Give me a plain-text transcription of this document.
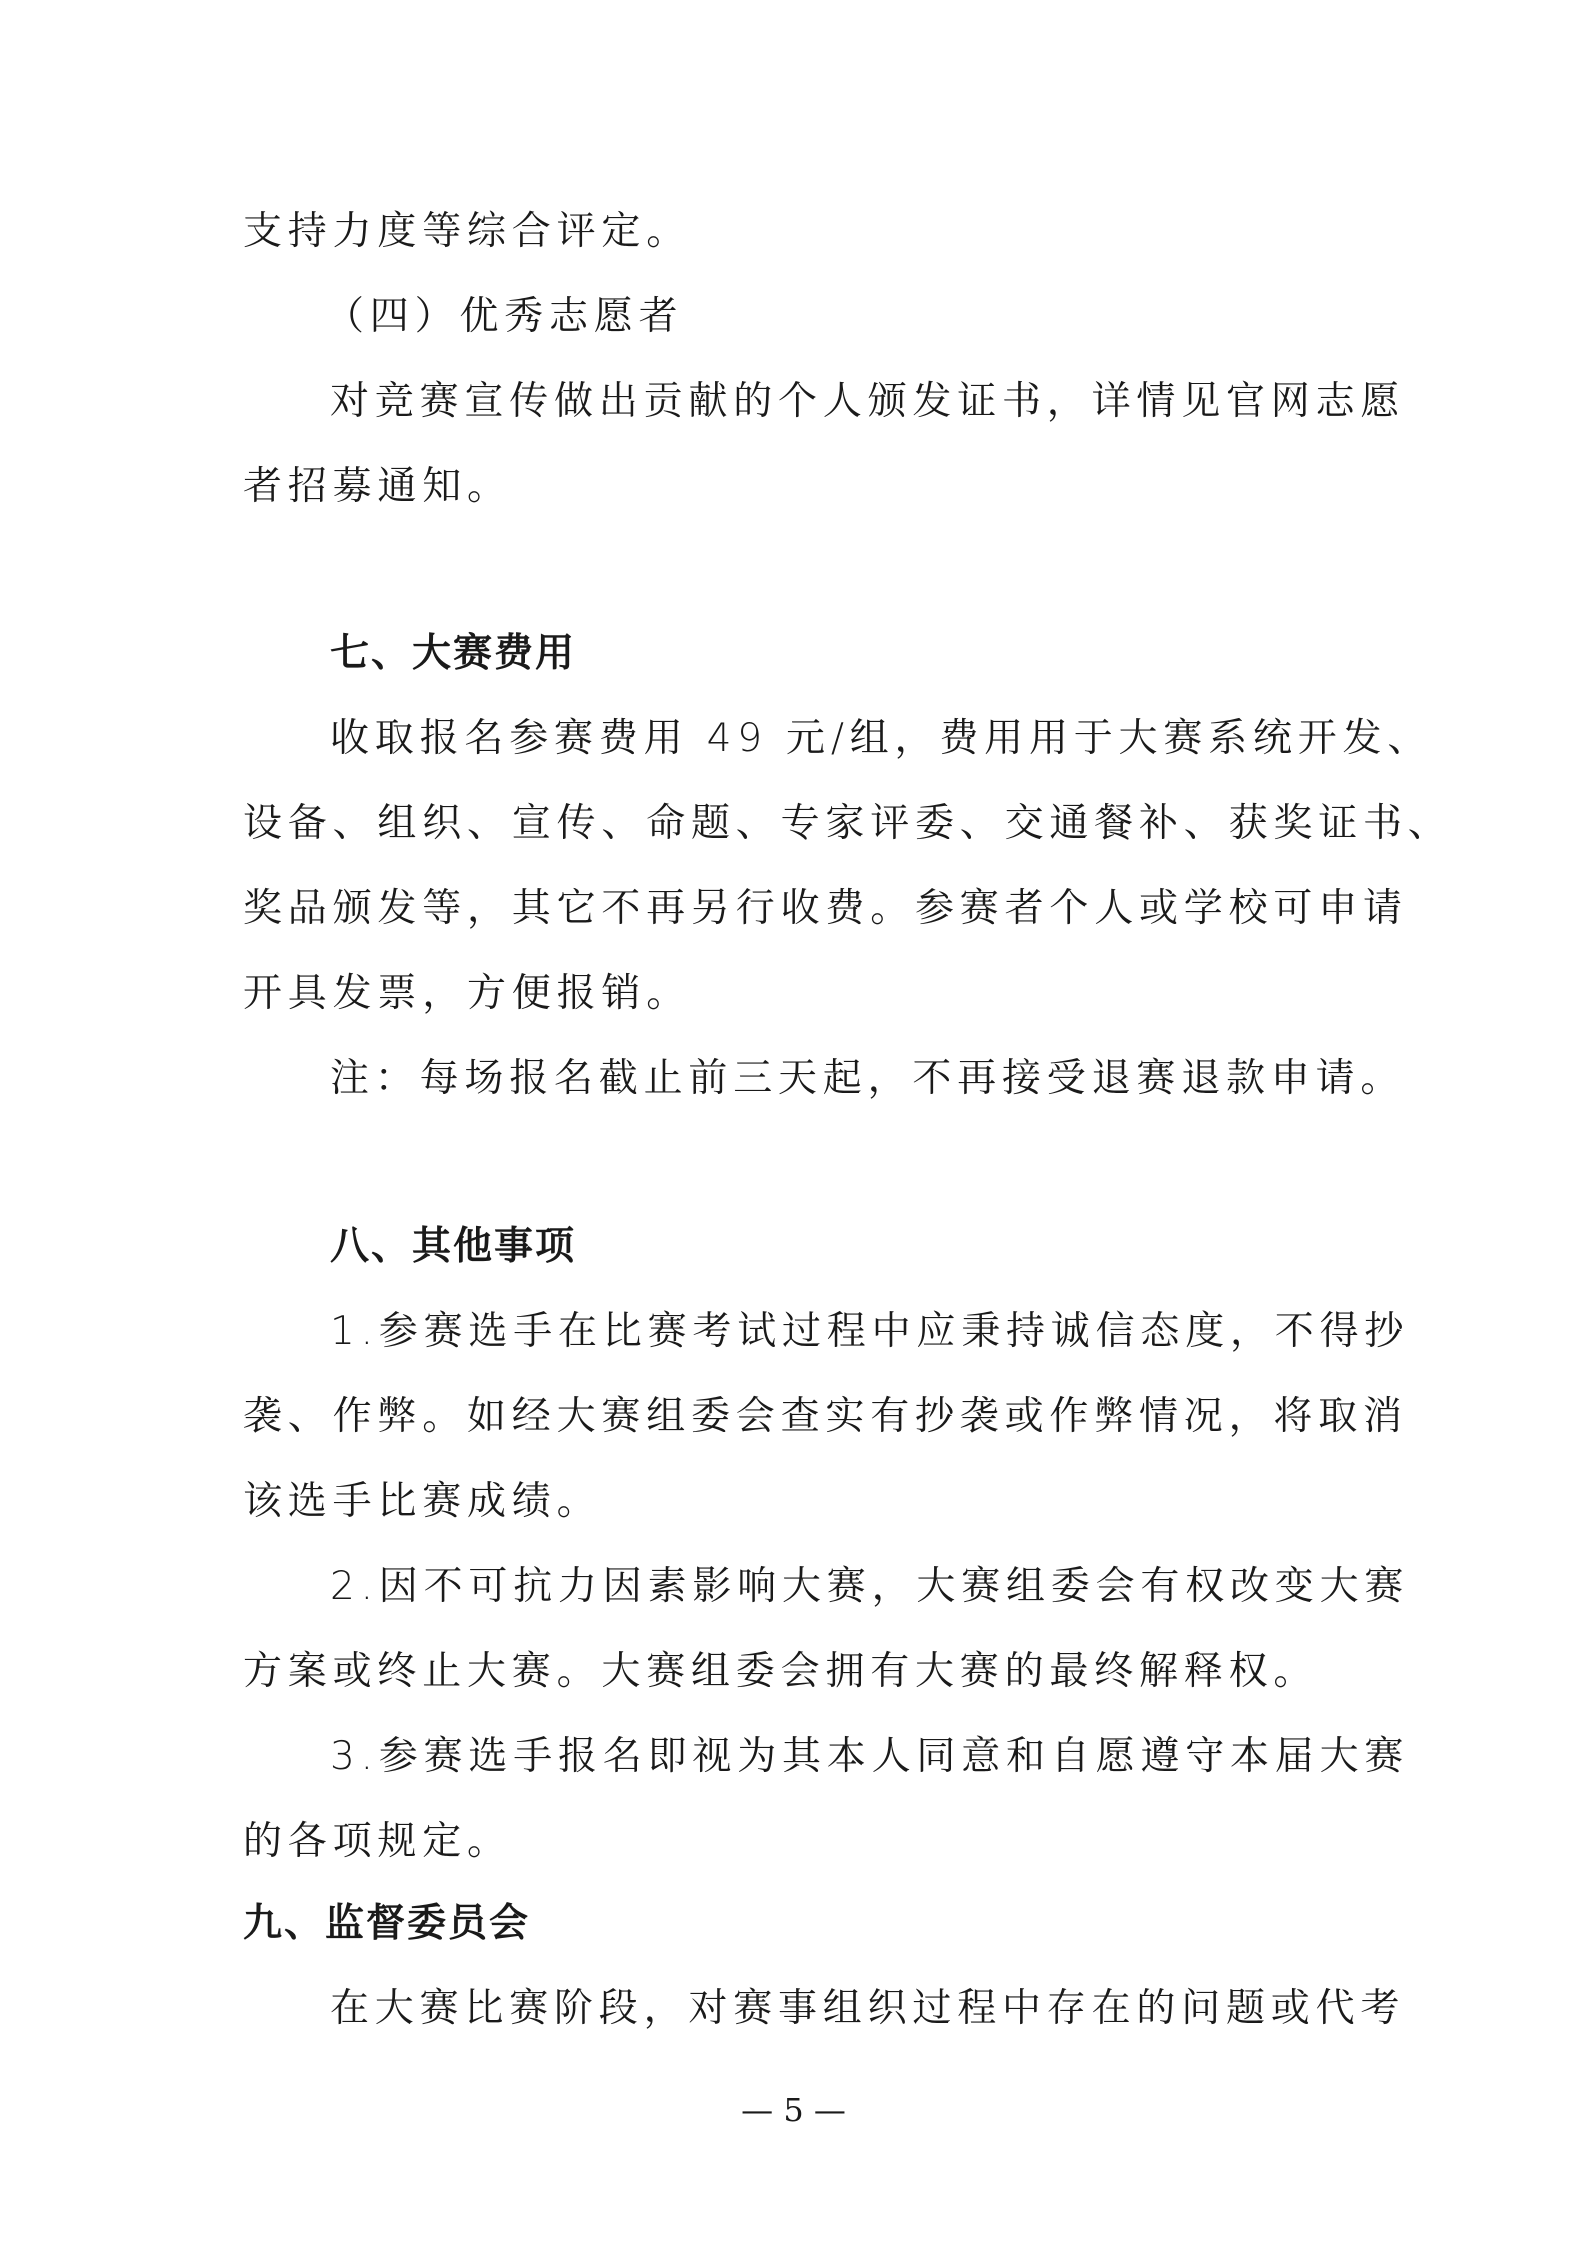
支持力度等综合评定。

（四）优秀志愿者

对竞赛宣传做出贡献的个人颁发证书，详情见官网志愿

者招募通知。

七、大赛费用

收取报名参赛费用 49 元/组，费用用于大赛系统开发、

设备、组织、宣传、命题、专家评委、交通餐补、获奖证书、

奖品颁发等，其它不再另行收费。参赛者个人或学校可申请

开具发票，方便报销。

注：每场报名截止前三天起，不再接受退赛退款申请。

八、其他事项

1.参赛选手在比赛考试过程中应秉持诚信态度，不得抄

袭、作弊。如经大赛组委会查实有抄袭或作弊情况，将取消

该选手比赛成绩。

2.因不可抗力因素影响大赛，大赛组委会有权改变大赛

方案或终止大赛。大赛组委会拥有大赛的最终解释权。

3.参赛选手报名即视为其本人同意和自愿遵守本届大赛

的各项规定。

九、监督委员会

在大赛比赛阶段，对赛事组织过程中存在的问题或代考

— 5 —
